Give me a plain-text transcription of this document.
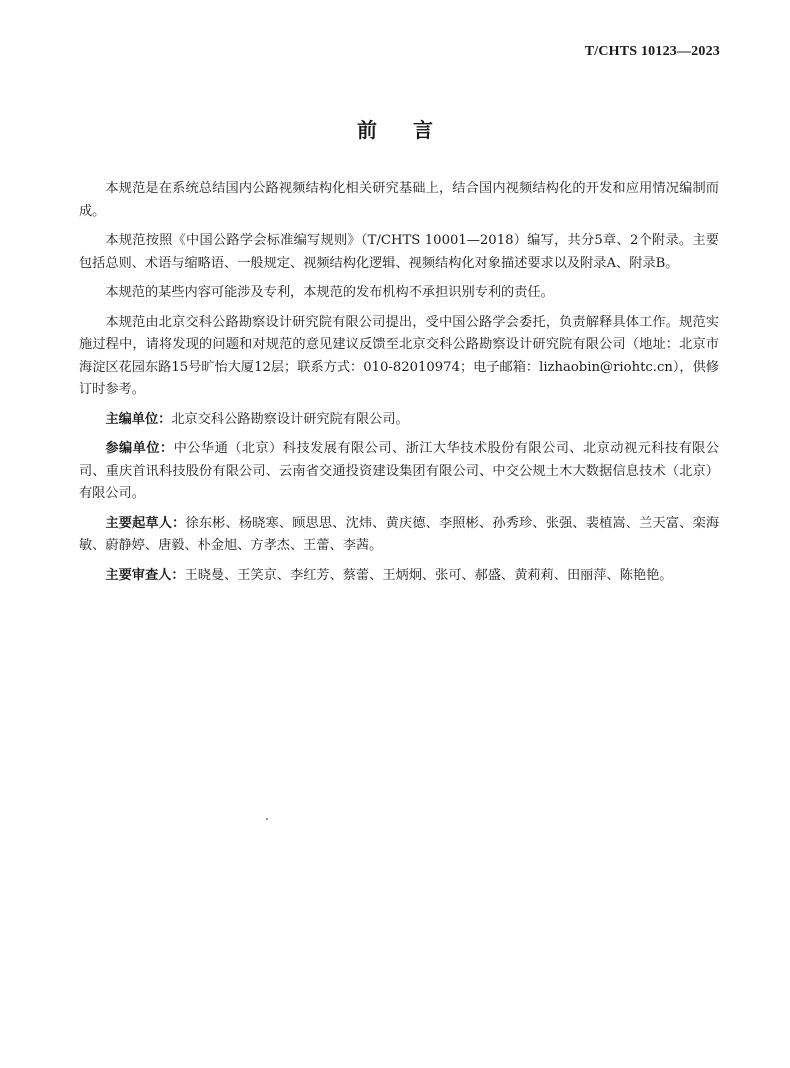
T/CHTS 10123—2023
前言

本规范是在系统总结国内公路视频结构化相关研究基础上，结合国内视频结构化的开发和应用情况编制而成。

本规范按照《中国公路学会标准编写规则》（T/CHTS 10001—2018）编写，共分5章、2个附录。主要包括总则、术语与缩略语、一般规定、视频结构化逻辑、视频结构化对象描述要求以及附录A、附录B。

本规范的某些内容可能涉及专利，本规范的发布机构不承担识别专利的责任。

本规范由北京交科公路勘察设计研究院有限公司提出，受中国公路学会委托，负责解释具体工作。规范实施过程中，请将发现的问题和对规范的意见建议反馈至北京交科公路勘察设计研究院有限公司（地址：北京市海淀区花园东路15号旷怡大厦12层；联系方式：010-82010974；电子邮箱：lizhaobin@riohtc.cn），供修订时参考。

主编单位：北京交科公路勘察设计研究院有限公司。

参编单位：中公华通（北京）科技发展有限公司、浙江大华技术股份有限公司、北京动视元科技有限公司、重庆首讯科技股份有限公司、云南省交通投资建设集团有限公司、中交公规土木大数据信息技术（北京）有限公司。

主要起草人：徐东彬、杨晓寒、顾思思、沈炜、黄庆德、李照彬、孙秀珍、张强、裴植嵩、兰天富、栾海敏、蔚静婷、唐毅、朴金旭、方孝杰、王蕾、李茜。

主要审查人：王晓曼、王笑京、李红芳、蔡蕾、王炳炯、张可、郝盛、黄莉莉、田丽萍、陈艳艳。
